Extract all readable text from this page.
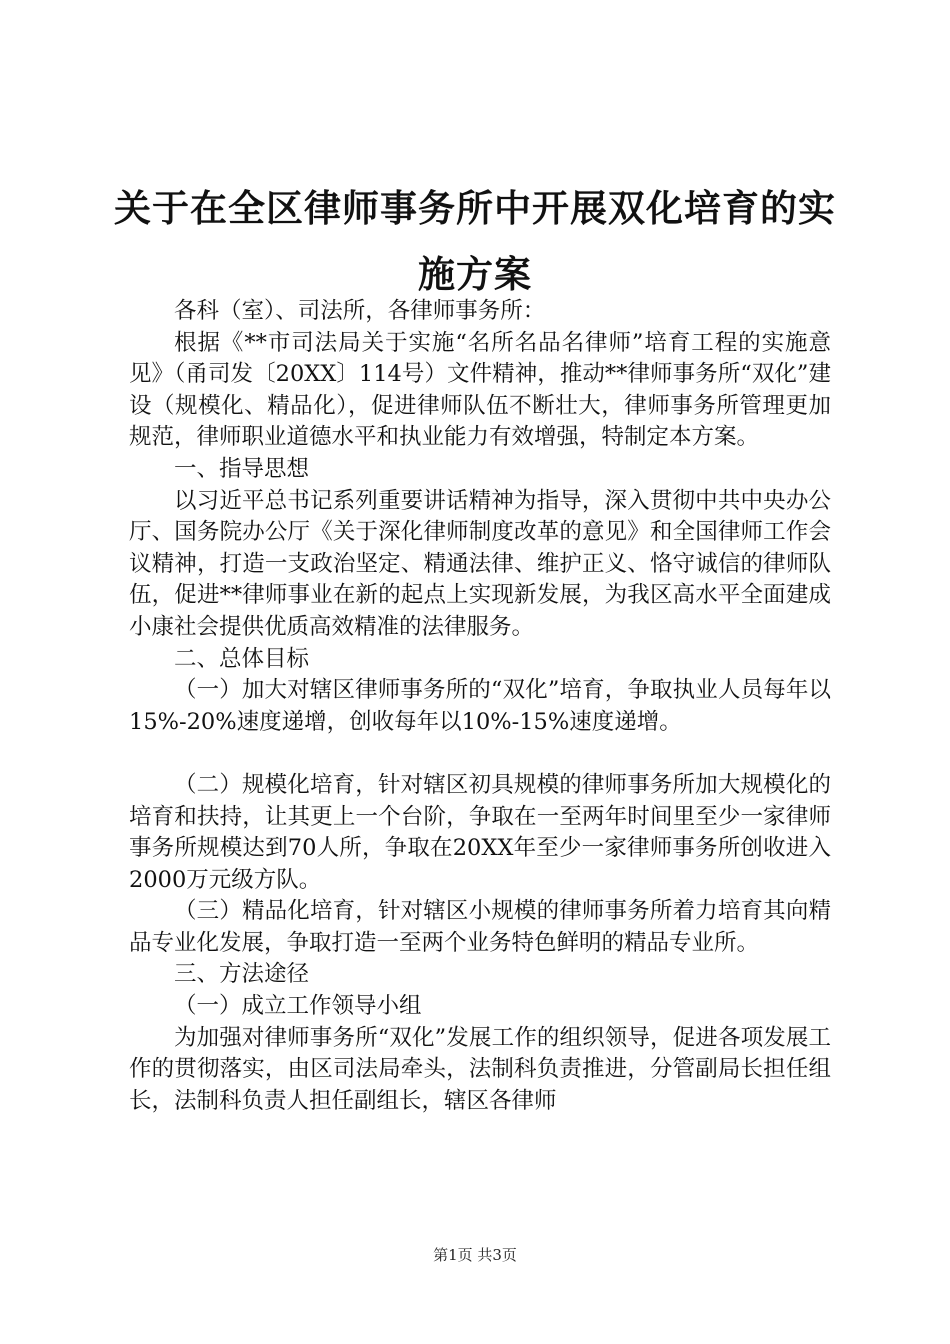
关于在全区律师事务所中开展双化培育的实施方案

各科（室）、司法所，各律师事务所：

根据《**市司法局关于实施“名所名品名律师”培育工程的实施意见》（甬司发〔20XX〕114号）文件精神，推动**律师事务所“双化”建设（规模化、精品化），促进律师队伍不断壮大，律师事务所管理更加规范，律师职业道德水平和执业能力有效增强，特制定本方案。

一、指导思想

以习近平总书记系列重要讲话精神为指导，深入贯彻中共中央办公厅、国务院办公厅《关于深化律师制度改革的意见》和全国律师工作会议精神，打造一支政治坚定、精通法律、维护正义、恪守诚信的律师队伍，促进**律师事业在新的起点上实现新发展，为我区高水平全面建成小康社会提供优质高效精准的法律服务。

二、总体目标

（一）加大对辖区律师事务所的“双化”培育，争取执业人员每年以15%-20%速度递增，创收每年以10%-15%速度递增。

（二）规模化培育，针对辖区初具规模的律师事务所加大规模化的培育和扶持，让其更上一个台阶，争取在一至两年时间里至少一家律师事务所规模达到70人所，争取在20XX年至少一家律师事务所创收进入2000万元级方队。

（三）精品化培育，针对辖区小规模的律师事务所着力培育其向精品专业化发展，争取打造一至两个业务特色鲜明的精品专业所。

三、方法途径

（一）成立工作领导小组

为加强对律师事务所“双化”发展工作的组织领导，促进各项发展工作的贯彻落实，由区司法局牵头，法制科负责推进，分管副局长担任组长，法制科负责人担任副组长，辖区各律师

第1页 共3页
